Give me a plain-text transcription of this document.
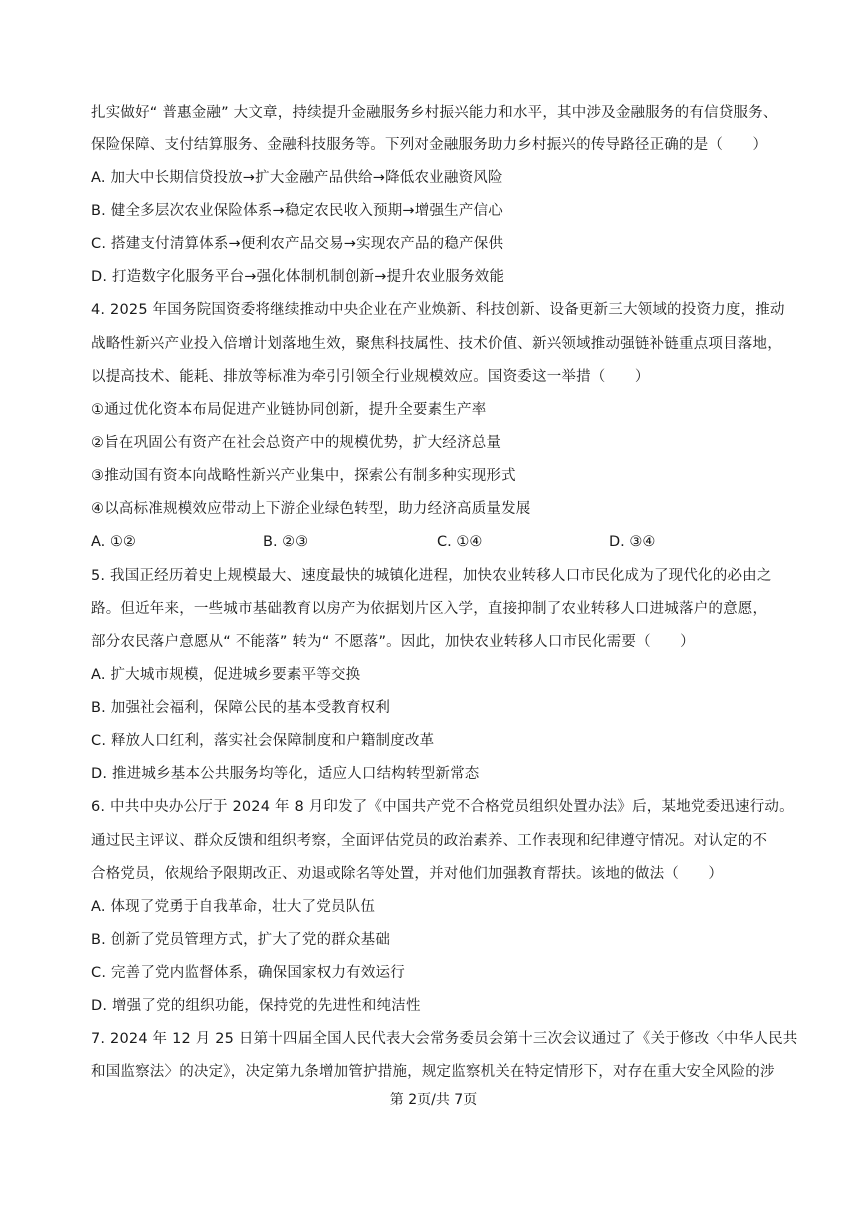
扎实做好“ 普惠金融” 大文章，持续提升金融服务乡村振兴能力和水平，其中涉及金融服务的有信贷服务、
保险保障、支付结算服务、金融科技服务等。下列对金融服务助力乡村振兴的传导路径正确的是（　　）
A. 加大中长期信贷投放→扩大金融产品供给→降低农业融资风险
B. 健全多层次农业保险体系→稳定农民收入预期→增强生产信心
C. 搭建支付清算体系→便利农产品交易→实现农产品的稳产保供
D. 打造数字化服务平台→强化体制机制创新→提升农业服务效能
4. 2025 年国务院国资委将继续推动中央企业在产业焕新、科技创新、设备更新三大领域的投资力度，推动
战略性新兴产业投入倍增计划落地生效，聚焦科技属性、技术价值、新兴领域推动强链补链重点项目落地，
以提高技术、能耗、排放等标准为牵引引领全行业规模效应。国资委这一举措（　　）
①通过优化资本布局促进产业链协同创新，提升全要素生产率
②旨在巩固公有资产在社会总资产中的规模优势，扩大经济总量
③推动国有资本向战略性新兴产业集中，探索公有制多种实现形式
④以高标准规模效应带动上下游企业绿色转型，助力经济高质量发展
A. ①②	B. ②③	C. ①④	D. ③④
5. 我国正经历着史上规模最大、速度最快的城镇化进程，加快农业转移人口市民化成为了现代化的必由之
路。但近年来，一些城市基础教育以房产为依据划片区入学，直接抑制了农业转移人口进城落户的意愿，
部分农民落户意愿从“ 不能落” 转为“ 不愿落”。因此，加快农业转移人口市民化需要（　　）
A. 扩大城市规模，促进城乡要素平等交换
B. 加强社会福利，保障公民的基本受教育权利
C. 释放人口红利，落实社会保障制度和户籍制度改革
D. 推进城乡基本公共服务均等化，适应人口结构转型新常态
6. 中共中央办公厅于 2024 年 8 月印发了《中国共产党不合格党员组织处置办法》后，某地党委迅速行动。
通过民主评议、群众反馈和组织考察，全面评估党员的政治素养、工作表现和纪律遵守情况。对认定的不
合格党员，依规给予限期改正、劝退或除名等处置，并对他们加强教育帮扶。该地的做法（　　）
A. 体现了党勇于自我革命，壮大了党员队伍
B. 创新了党员管理方式，扩大了党的群众基础
C. 完善了党内监督体系，确保国家权力有效运行
D. 增强了党的组织功能，保持党的先进性和纯洁性
7. 2024 年 12 月 25 日第十四届全国人民代表大会常务委员会第十三次会议通过了《关于修改〈中华人民共
和国监察法〉的决定》，决定第九条增加管护措施，规定监察机关在特定情形下，对存在重大安全风险的涉
第 2页/共 7页
